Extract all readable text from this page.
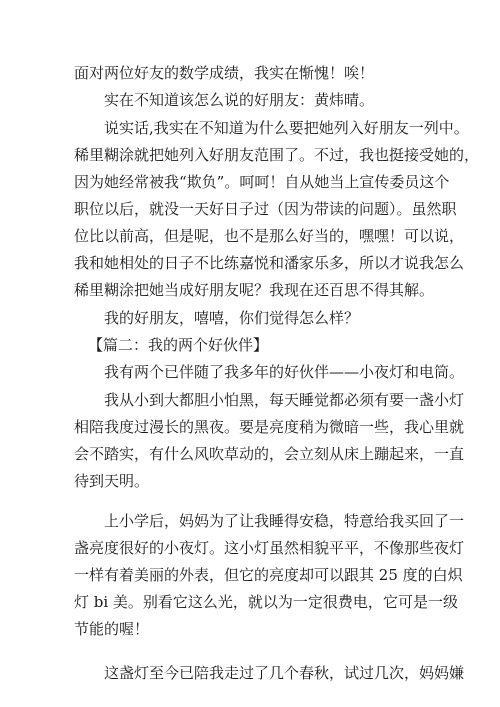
面对两位好友的数学成绩，我实在惭愧！唉！
实在不知道该怎么说的好朋友：黄炜晴。
说实话,我实在不知道为什么要把她列入好朋友一列中。
稀里糊涂就把她列入好朋友范围了。不过，我也挺接受她的，
因为她经常被我“欺负”。呵呵！自从她当上宣传委员这个
职位以后，就没一天好日子过（因为带读的问题）。虽然职
位比以前高，但是呢，也不是那么好当的，嘿嘿！可以说，
我和她相处的日子不比练嘉悦和潘家乐多，所以才说我怎么
稀里糊涂把她当成好朋友呢？我现在还百思不得其解。
我的好朋友，嘻嘻，你们觉得怎么样？
【篇二：我的两个好伙伴】
我有两个已伴随了我多年的好伙伴——小夜灯和电筒。
我从小到大都胆小怕黑，每天睡觉都必须有要一盏小灯
相陪我度过漫长的黑夜。要是亮度稍为微暗一些，我心里就
会不踏实，有什么风吹草动的，会立刻从床上蹦起来，一直
待到天明。
上小学后，妈妈为了让我睡得安稳，特意给我买回了一
盏亮度很好的小夜灯。这小灯虽然相貌平平，不像那些夜灯
一样有着美丽的外表，但它的亮度却可以跟其 25 度的白炽
灯 bi 美。别看它这么光，就以为一定很费电，它可是一级
节能的喔！
这盏灯至今已陪我走过了几个春秋，试过几次，妈妈嫌
